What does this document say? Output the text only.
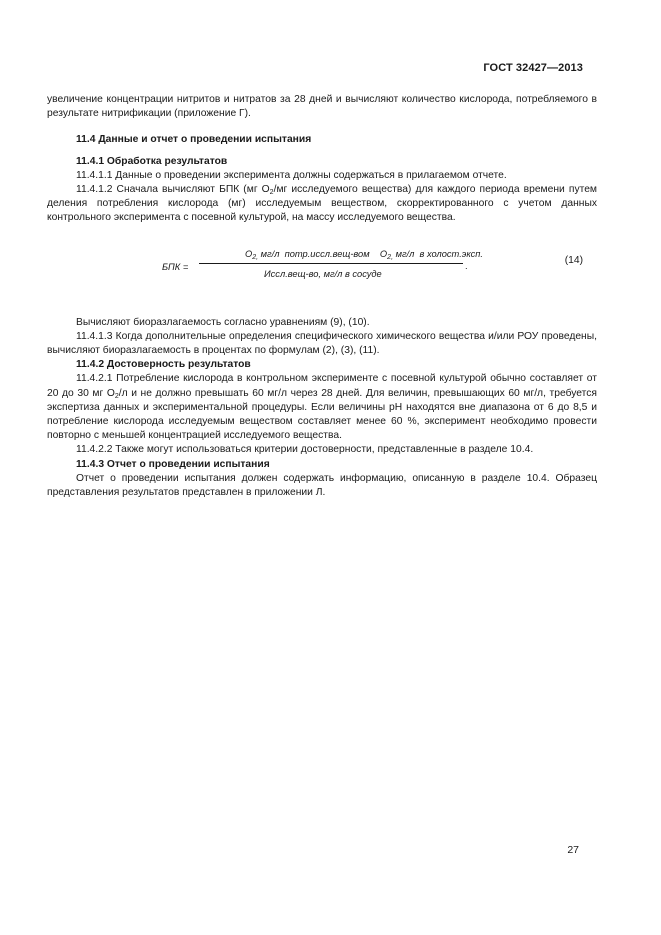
ГОСТ 32427—2013

увеличение концентрации нитритов и нитратов за 28 дней и вычисляют количество кислорода, потребляемого в результате нитрификации (приложение Г).

11.4 Данные и отчет о проведении испытания

11.4.1 Обработка результатов

11.4.1.1 Данные о проведении эксперимента должны содержаться в прилагаемом отчете.

11.4.1.2 Сначала вычисляют БПК (мг $O_2/мг$ исследуемого вещества) для каждого периода времени путем деления потребления кислорода (мг) исследуемым веществом, скорректированного с учетом данных контрольного эксперимента с посевной культурой, на массу исследуемого вещества.

БПК =
$O_{2,}$ мг/л  потр.иссл.вещ-вом    $O_{2,}$ мг/л  в холост.эксп.
Иссл.вещ-во, мг/л в сосуде
.	(14)

Вычисляют биоразлагаемость согласно уравнениям (9), (10).

11.4.1.3 Когда дополнительные определения специфического химического вещества и/или РОУ проведены, вычисляют биоразлагаемость в процентах по формулам (2), (3), (11).

11.4.2 Достоверность результатов

11.4.2.1 Потребление кислорода в контрольном эксперименте с посевной культурой обычно составляет от 20 до 30 мг $O_2/л$ и не должно превышать 60 мг/л через 28 дней. Для величин, превышающих 60 мг/л, требуется экспертиза данных и экспериментальной процедуры. Если величины pH находятся вне диапазона от 6 до 8,5 и потребление кислорода исследуемым веществом составляет менее 60 %, эксперимент необходимо провести повторно с меньшей концентрацией исследуемого вещества.

11.4.2.2 Также могут использоваться критерии достоверности, представленные в разделе 10.4.

11.4.3 Отчет о проведении испытания

Отчет о проведении испытания должен содержать информацию, описанную в разделе 10.4. Образец представления результатов представлен в приложении Л.

27
